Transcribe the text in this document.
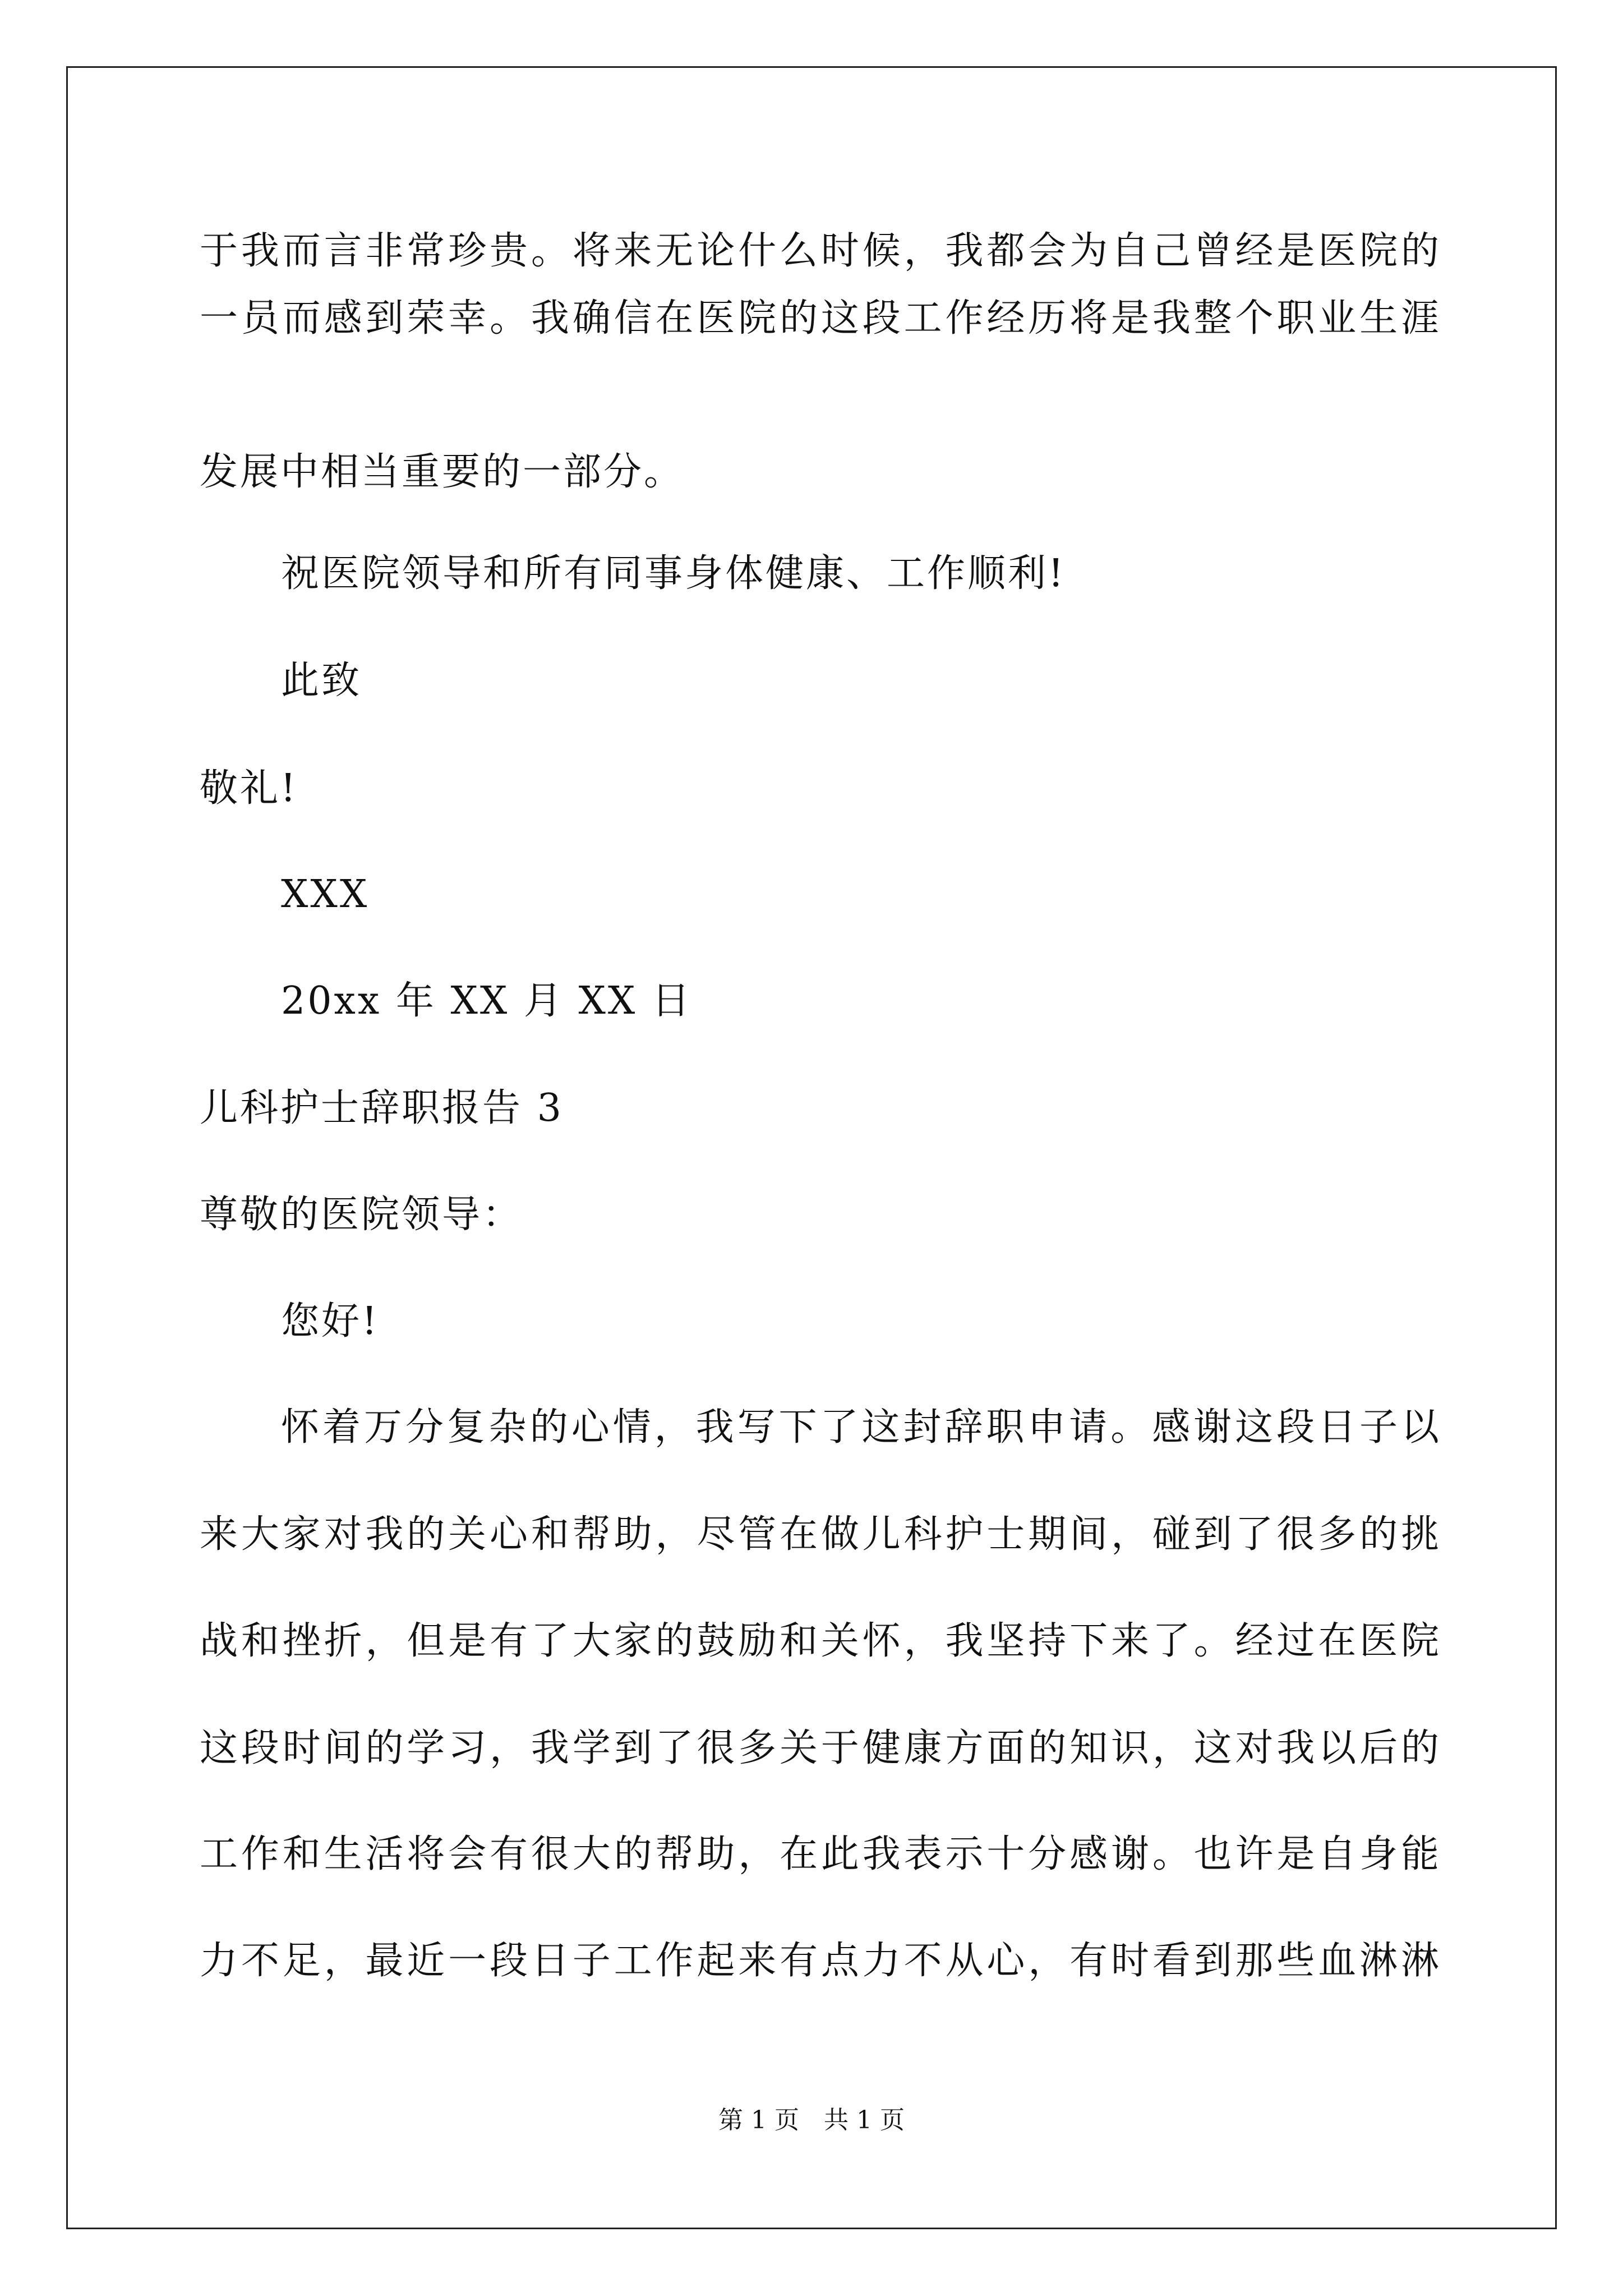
于我而言非常珍贵。将来无论什么时候，我都会为自己曾经是医院的
一员而感到荣幸。我确信在医院的这段工作经历将是我整个职业生涯
发展中相当重要的一部分。
祝医院领导和所有同事身体健康、工作顺利!
此致
敬礼!
XXX
20xx 年 XX 月 XX 日
儿科护士辞职报告 3
尊敬的医院领导：
您好!
怀着万分复杂的心情，我写下了这封辞职申请。感谢这段日子以
来大家对我的关心和帮助，尽管在做儿科护士期间，碰到了很多的挑
战和挫折，但是有了大家的鼓励和关怀，我坚持下来了。经过在医院
这段时间的学习，我学到了很多关于健康方面的知识，这对我以后的
工作和生活将会有很大的帮助，在此我表示十分感谢。也许是自身能
力不足，最近一段日子工作起来有点力不从心，有时看到那些血淋淋
第 1 页　共 1 页
